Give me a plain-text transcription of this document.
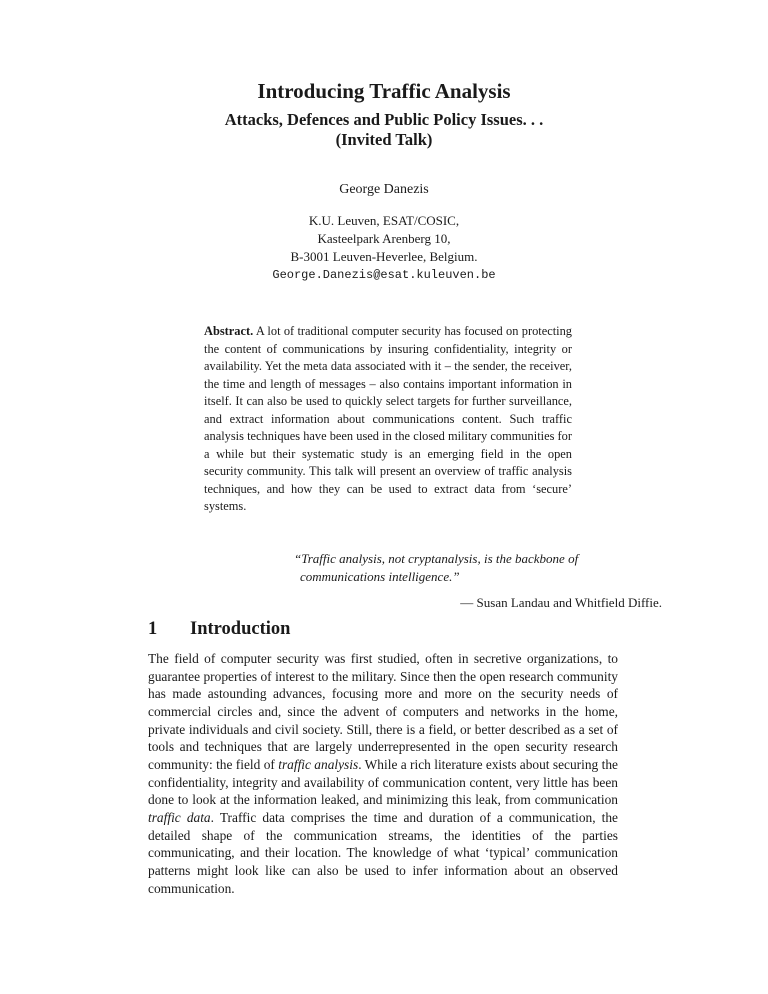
Introducing Traffic Analysis
Attacks, Defences and Public Policy Issues. . .
(Invited Talk)
George Danezis
K.U. Leuven, ESAT/COSIC,
Kasteelpark Arenberg 10,
B-3001 Leuven-Heverlee, Belgium.
George.Danezis@esat.kuleuven.be
Abstract. A lot of traditional computer security has focused on protecting the content of communications by insuring confidentiality, integrity or availability. Yet the meta data associated with it – the sender, the receiver, the time and length of messages – also contains important information in itself. It can also be used to quickly select targets for further surveillance, and extract information about communications content. Such traffic analysis techniques have been used in the closed military communities for a while but their systematic study is an emerging field in the open security community. This talk will present an overview of traffic analysis techniques, and how they can be used to extract data from ‘secure’ systems.
“Traffic analysis, not cryptanalysis, is the backbone of communications intelligence.”
— Susan Landau and Whitfield Diffie.
1 Introduction
The field of computer security was first studied, often in secretive organizations, to guarantee properties of interest to the military. Since then the open research community has made astounding advances, focusing more and more on the security needs of commercial circles and, since the advent of computers and networks in the home, private individuals and civil society. Still, there is a field, or better described as a set of tools and techniques that are largely underrepresented in the open security research community: the field of traffic analysis. While a rich literature exists about securing the confidentiality, integrity and availability of communication content, very little has been done to look at the information leaked, and minimizing this leak, from communication traffic data. Traffic data comprises the time and duration of a communication, the detailed shape of the communication streams, the identities of the parties communicating, and their location. The knowledge of what ‘typical’ communication patterns might look like can also be used to infer information about an observed communication.
